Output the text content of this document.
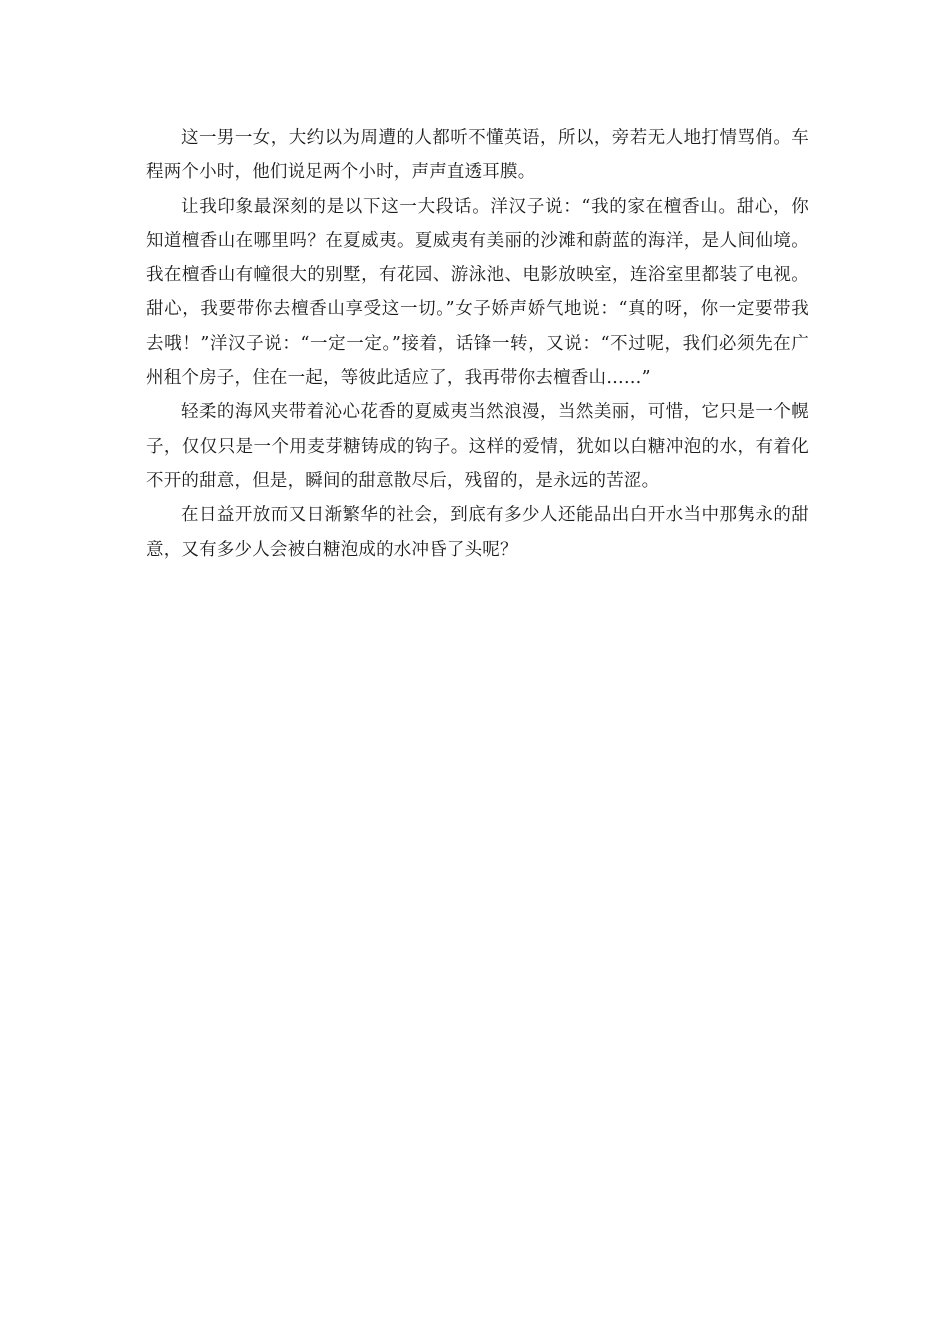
这一男一女，大约以为周遭的人都听不懂英语，所以，旁若无人地打情骂俏。车程两个小时，他们说足两个小时，声声直透耳膜。

让我印象最深刻的是以下这一大段话。洋汉子说：“我的家在檀香山。甜心，你知道檀香山在哪里吗？在夏威夷。夏威夷有美丽的沙滩和蔚蓝的海洋，是人间仙境。我在檀香山有幢很大的别墅，有花园、游泳池、电影放映室，连浴室里都装了电视。甜心，我要带你去檀香山享受这一切。”女子娇声娇气地说：“真的呀，你一定要带我去哦！”洋汉子说：“一定一定。”接着，话锋一转，又说：“不过呢，我们必须先在广州租个房子，住在一起，等彼此适应了，我再带你去檀香山……”

轻柔的海风夹带着沁心花香的夏威夷当然浪漫，当然美丽，可惜，它只是一个幌子，仅仅只是一个用麦芽糖铸成的钩子。这样的爱情，犹如以白糖冲泡的水，有着化不开的甜意，但是，瞬间的甜意散尽后，残留的，是永远的苦涩。

在日益开放而又日渐繁华的社会，到底有多少人还能品出白开水当中那隽永的甜意，又有多少人会被白糖泡成的水冲昏了头呢？
